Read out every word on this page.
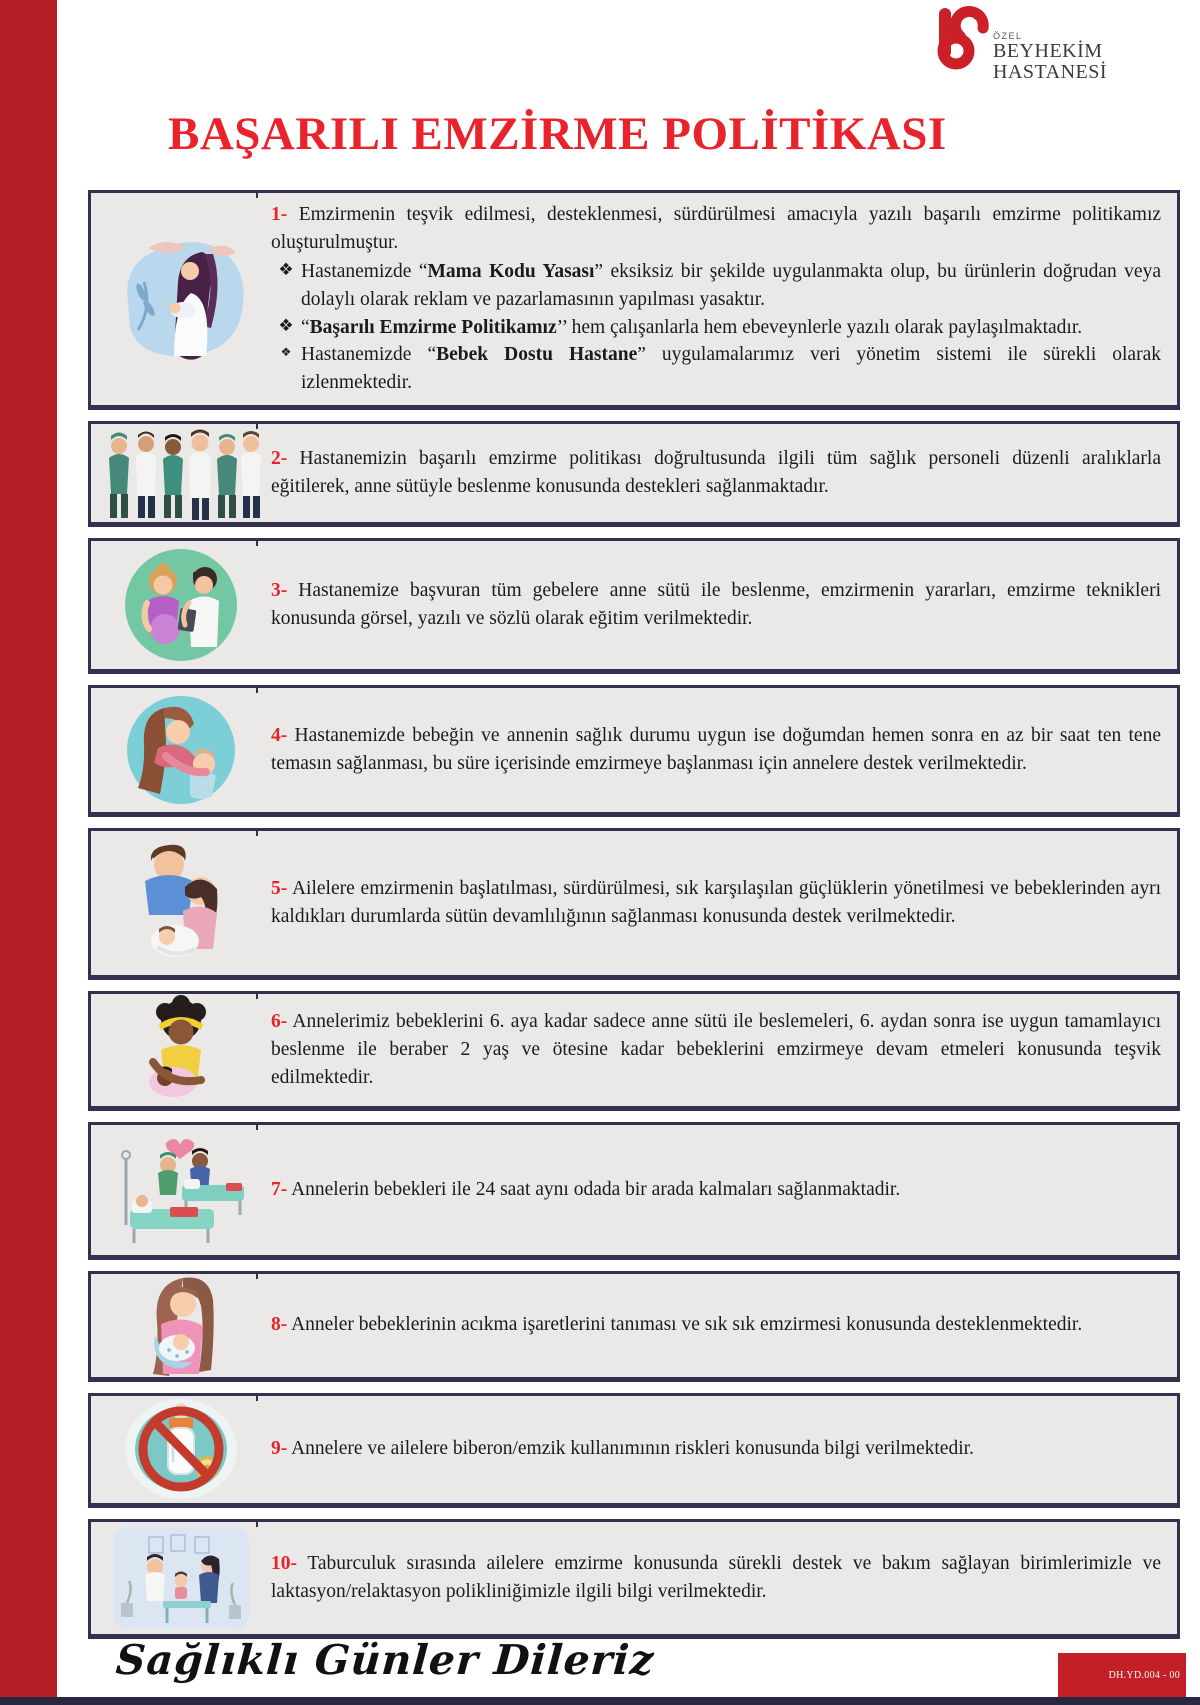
ÖZEL
BEYHEKİM HASTANESİ
BAŞARILI EMZİRME POLİTİKASI

1- Emzirmenin teşvik edilmesi, desteklenmesi, sürdürülmesi amacıyla yazılı başarılı emzirme politikamız oluşturulmuştur.

❖ Hastanemizde “Mama Kodu Yasası” eksiksiz bir şekilde uygulanmakta olup, bu ürünlerin doğrudan veya dolaylı olarak reklam ve pazarlamasının yapılması yasaktır.

❖ “Başarılı Emzirme Politikamız’’ hem çalışanlarla hem ebeveynlerle yazılı olarak paylaşılmaktadır.

❖ Hastanemizde “Bebek Dostu Hastane” uygulamalarımız veri yönetim sistemi ile sürekli olarak izlenmektedir.

2- Hastanemizin başarılı emzirme politikası doğrultusunda ilgili tüm sağlık personeli düzenli aralıklarla eğitilerek, anne sütüyle beslenme konusunda destekleri sağlanmaktadır.

3- Hastanemize başvuran tüm gebelere anne sütü ile beslenme, emzirmenin yararları, emzirme teknikleri konusunda görsel, yazılı ve sözlü olarak eğitim verilmektedir.

4- Hastanemizde bebeğin ve annenin sağlık durumu uygun ise doğumdan hemen sonra en az bir saat ten tene temasın sağlanması, bu süre içerisinde emzirmeye başlanması için annelere destek verilmektedir.

5- Ailelere emzirmenin başlatılması, sürdürülmesi, sık karşılaşılan güçlüklerin yönetilmesi ve bebeklerinden ayrı kaldıkları durumlarda sütün devamlılığının sağlanması konusunda destek verilmektedir.

6- Annelerimiz bebeklerini 6. aya kadar sadece anne sütü ile beslemeleri, 6. aydan sonra ise uygun tamamlayıcı beslenme ile beraber 2 yaş ve ötesine kadar bebeklerini emzirmeye devam etmeleri konusunda teşvik edilmektedir.

7- Annelerin bebekleri ile 24 saat aynı odada bir arada kalmaları sağlanmaktadir.

8- Anneler bebeklerinin acıkma işaretlerini tanıması ve sık sık emzirmesi konusunda desteklenmektedir.

9- Annelere ve ailelere biberon/emzik kullanımının riskleri konusunda bilgi verilmektedir.

10- Taburculuk sırasında ailelere emzirme konusunda sürekli destek ve bakım sağlayan birimlerimizle ve laktasyon/relaktasyon polikliniğimizle ilgili bilgi verilmektedir.

Sağlıklı Günler Dileriz	DH.YD.004 - 00
